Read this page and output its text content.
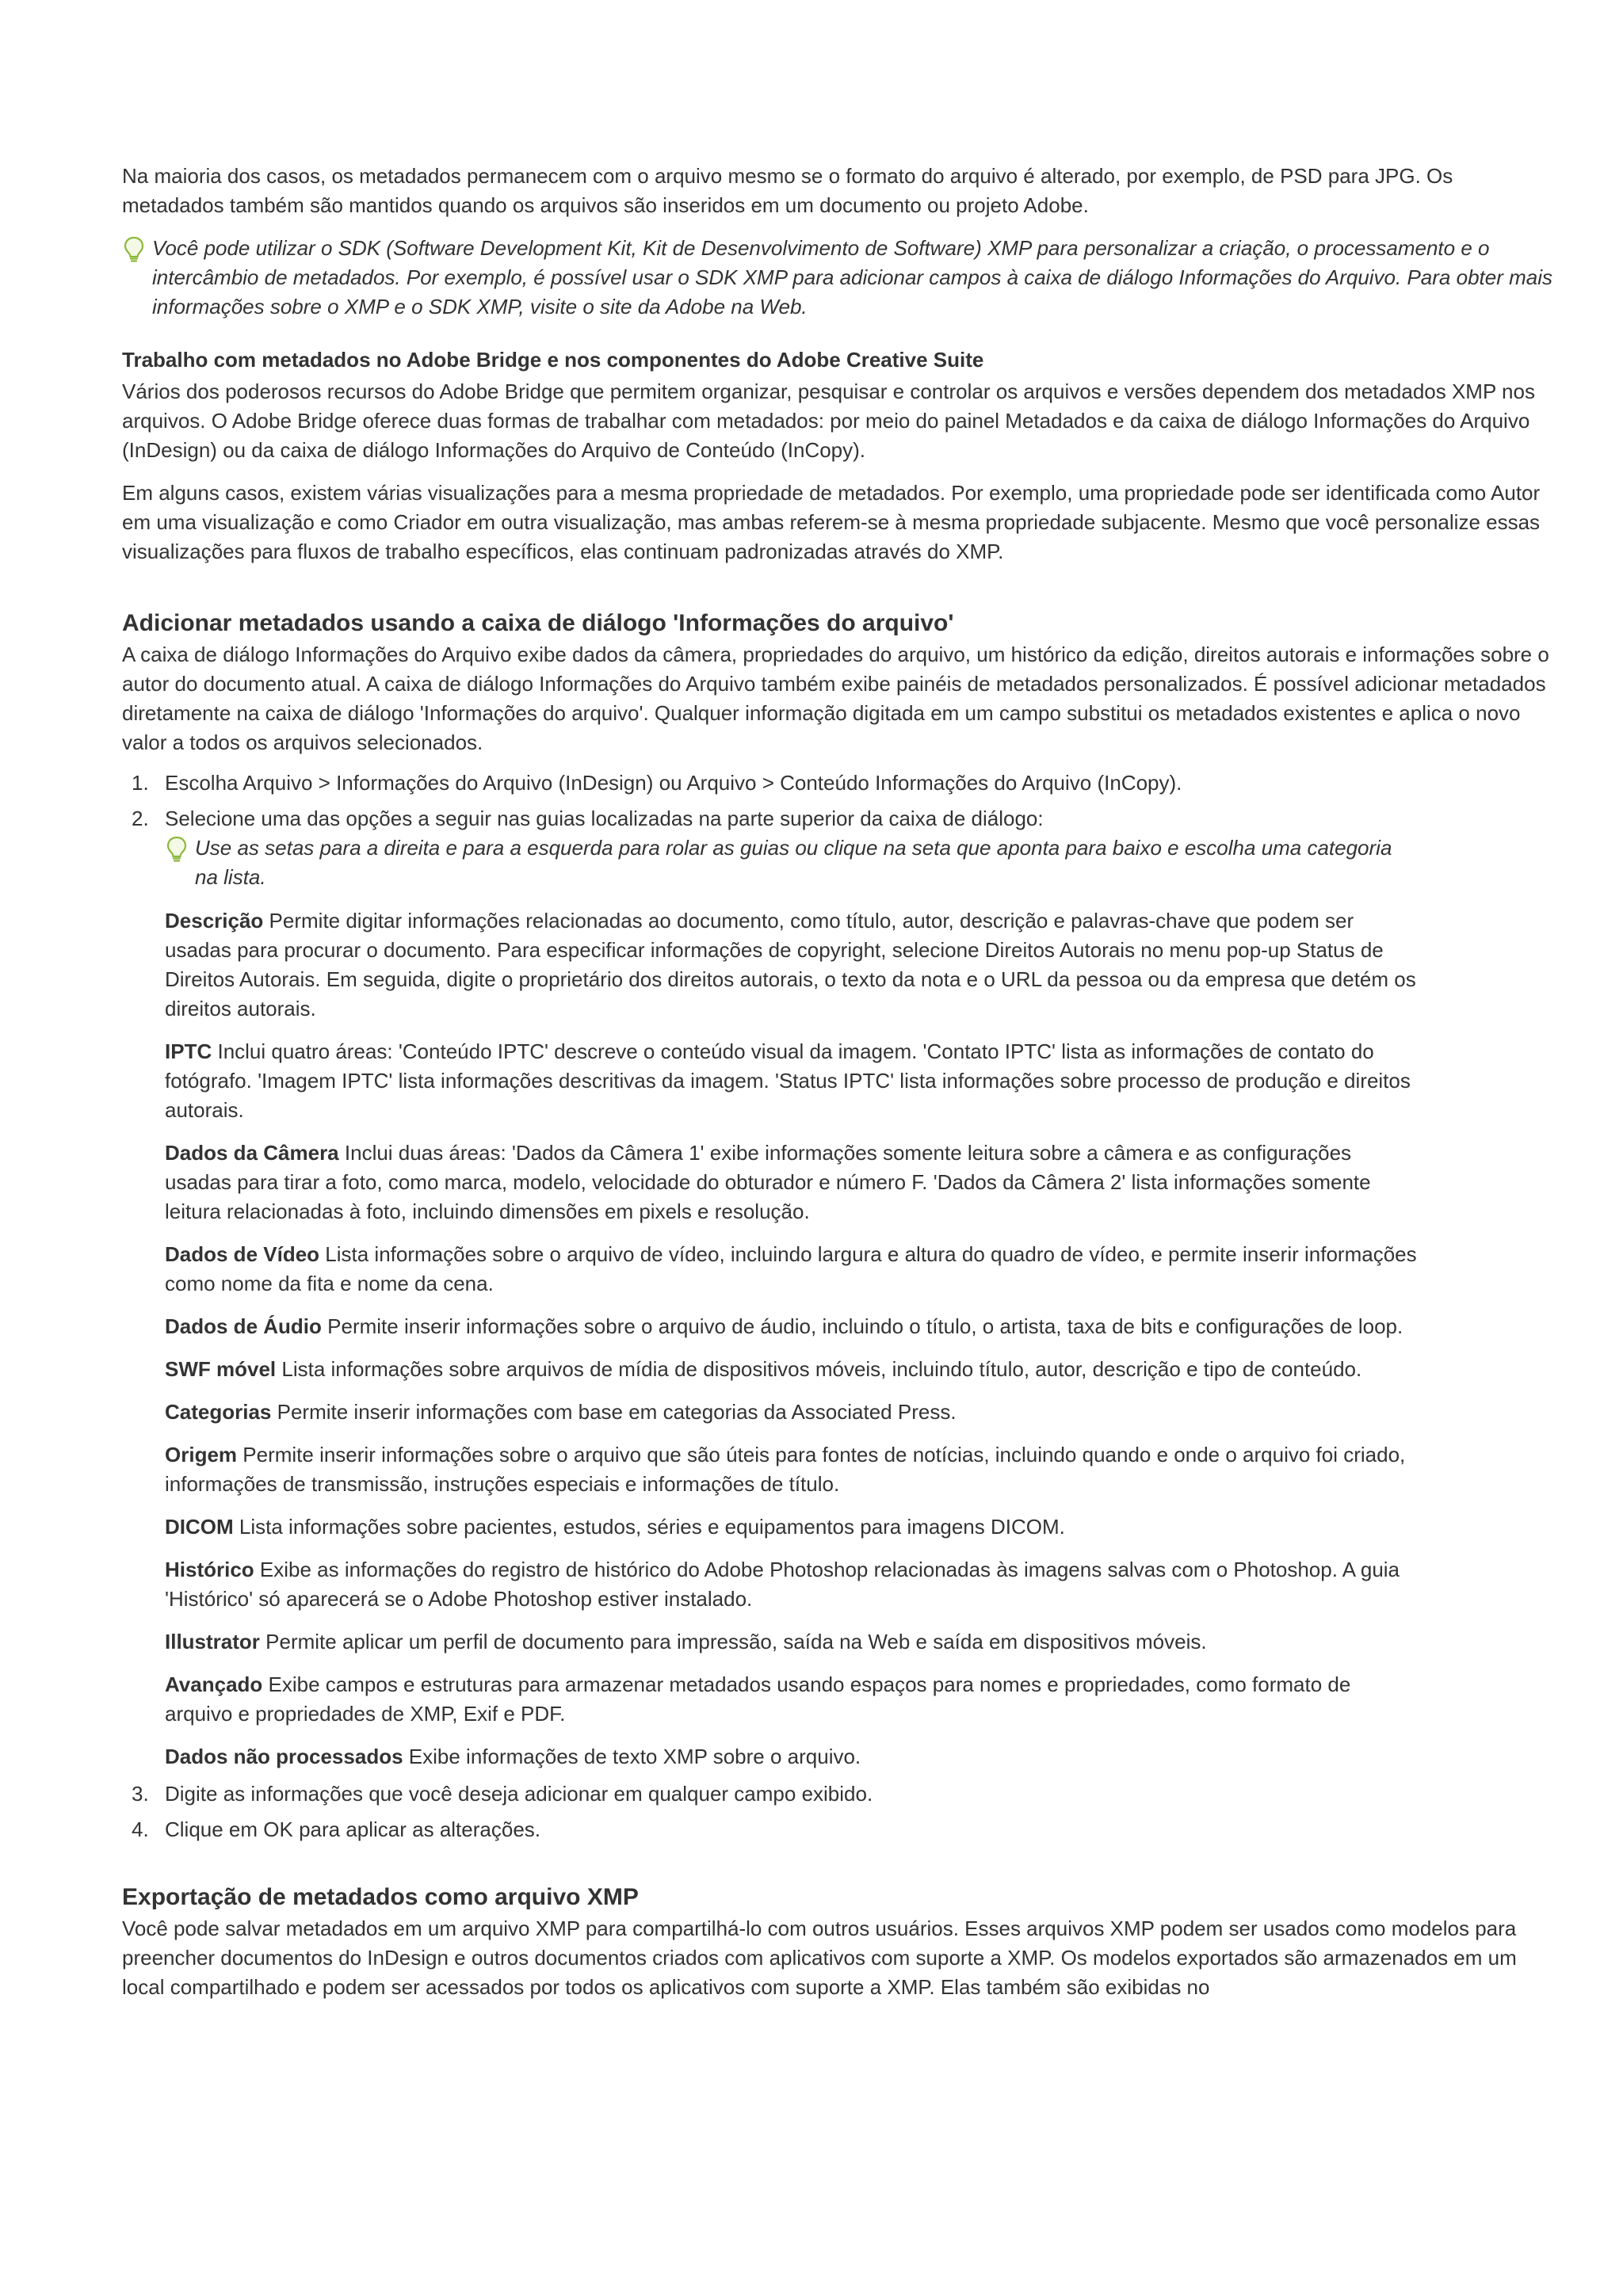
Na maioria dos casos, os metadados permanecem com o arquivo mesmo se o formato do arquivo é alterado, por exemplo, de PSD para JPG. Os metadados também são mantidos quando os arquivos são inseridos em um documento ou projeto Adobe.

Você pode utilizar o SDK (Software Development Kit, Kit de Desenvolvimento de Software) XMP para personalizar a criação, o processamento e o intercâmbio de metadados. Por exemplo, é possível usar o SDK XMP para adicionar campos à caixa de diálogo Informações do Arquivo. Para obter mais informações sobre o XMP e o SDK XMP, visite o site da Adobe na Web.
Trabalho com metadados no Adobe Bridge e nos componentes do Adobe Creative Suite

Vários dos poderosos recursos do Adobe Bridge que permitem organizar, pesquisar e controlar os arquivos e versões dependem dos metadados XMP nos arquivos. O Adobe Bridge oferece duas formas de trabalhar com metadados: por meio do painel Metadados e da caixa de diálogo Informações do Arquivo (InDesign) ou da caixa de diálogo Informações do Arquivo de Conteúdo (InCopy).

Em alguns casos, existem várias visualizações para a mesma propriedade de metadados. Por exemplo, uma propriedade pode ser identificada como Autor em uma visualização e como Criador em outra visualização, mas ambas referem-se à mesma propriedade subjacente. Mesmo que você personalize essas visualizações para fluxos de trabalho específicos, elas continuam padronizadas através do XMP.

Adicionar metadados usando a caixa de diálogo 'Informações do arquivo'

A caixa de diálogo Informações do Arquivo exibe dados da câmera, propriedades do arquivo, um histórico da edição, direitos autorais e informações sobre o autor do documento atual. A caixa de diálogo Informações do Arquivo também exibe painéis de metadados personalizados. É possível adicionar metadados diretamente na caixa de diálogo 'Informações do arquivo'. Qualquer informação digitada em um campo substitui os metadados existentes e aplica o novo valor a todos os arquivos selecionados.

1. Escolha Arquivo > Informações do Arquivo (InDesign) ou Arquivo > Conteúdo Informações do Arquivo (InCopy).
2. Selecione uma das opções a seguir nas guias localizadas na parte superior da caixa de diálogo:
Use as setas para a direita e para a esquerda para rolar as guias ou clique na seta que aponta para baixo e escolha uma categoria na lista.
Descrição Permite digitar informações relacionadas ao documento, como título, autor, descrição e palavras-chave que podem ser usadas para procurar o documento. Para especificar informações de copyright, selecione Direitos Autorais no menu pop-up Status de Direitos Autorais. Em seguida, digite o proprietário dos direitos autorais, o texto da nota e o URL da pessoa ou da empresa que detém os direitos autorais.
IPTC Inclui quatro áreas: 'Conteúdo IPTC' descreve o conteúdo visual da imagem. 'Contato IPTC' lista as informações de contato do fotógrafo. 'Imagem IPTC' lista informações descritivas da imagem. 'Status IPTC' lista informações sobre processo de produção e direitos autorais.
Dados da Câmera Inclui duas áreas: 'Dados da Câmera 1' exibe informações somente leitura sobre a câmera e as configurações usadas para tirar a foto, como marca, modelo, velocidade do obturador e número F. 'Dados da Câmera 2' lista informações somente leitura relacionadas à foto, incluindo dimensões em pixels e resolução.
Dados de Vídeo Lista informações sobre o arquivo de vídeo, incluindo largura e altura do quadro de vídeo, e permite inserir informações como nome da fita e nome da cena.
Dados de Áudio Permite inserir informações sobre o arquivo de áudio, incluindo o título, o artista, taxa de bits e configurações de loop.
SWF móvel Lista informações sobre arquivos de mídia de dispositivos móveis, incluindo título, autor, descrição e tipo de conteúdo.
Categorias Permite inserir informações com base em categorias da Associated Press.
Origem Permite inserir informações sobre o arquivo que são úteis para fontes de notícias, incluindo quando e onde o arquivo foi criado, informações de transmissão, instruções especiais e informações de título.
DICOM Lista informações sobre pacientes, estudos, séries e equipamentos para imagens DICOM.
Histórico Exibe as informações do registro de histórico do Adobe Photoshop relacionadas às imagens salvas com o Photoshop. A guia 'Histórico' só aparecerá se o Adobe Photoshop estiver instalado.
Illustrator Permite aplicar um perfil de documento para impressão, saída na Web e saída em dispositivos móveis.
Avançado Exibe campos e estruturas para armazenar metadados usando espaços para nomes e propriedades, como formato de arquivo e propriedades de XMP, Exif e PDF.
Dados não processados Exibe informações de texto XMP sobre o arquivo.
3. Digite as informações que você deseja adicionar em qualquer campo exibido.
4. Clique em OK para aplicar as alterações.
Exportação de metadados como arquivo XMP

Você pode salvar metadados em um arquivo XMP para compartilhá-lo com outros usuários. Esses arquivos XMP podem ser usados como modelos para preencher documentos do InDesign e outros documentos criados com aplicativos com suporte a XMP. Os modelos exportados são armazenados em um local compartilhado e podem ser acessados por todos os aplicativos com suporte a XMP. Elas também são exibidas no
